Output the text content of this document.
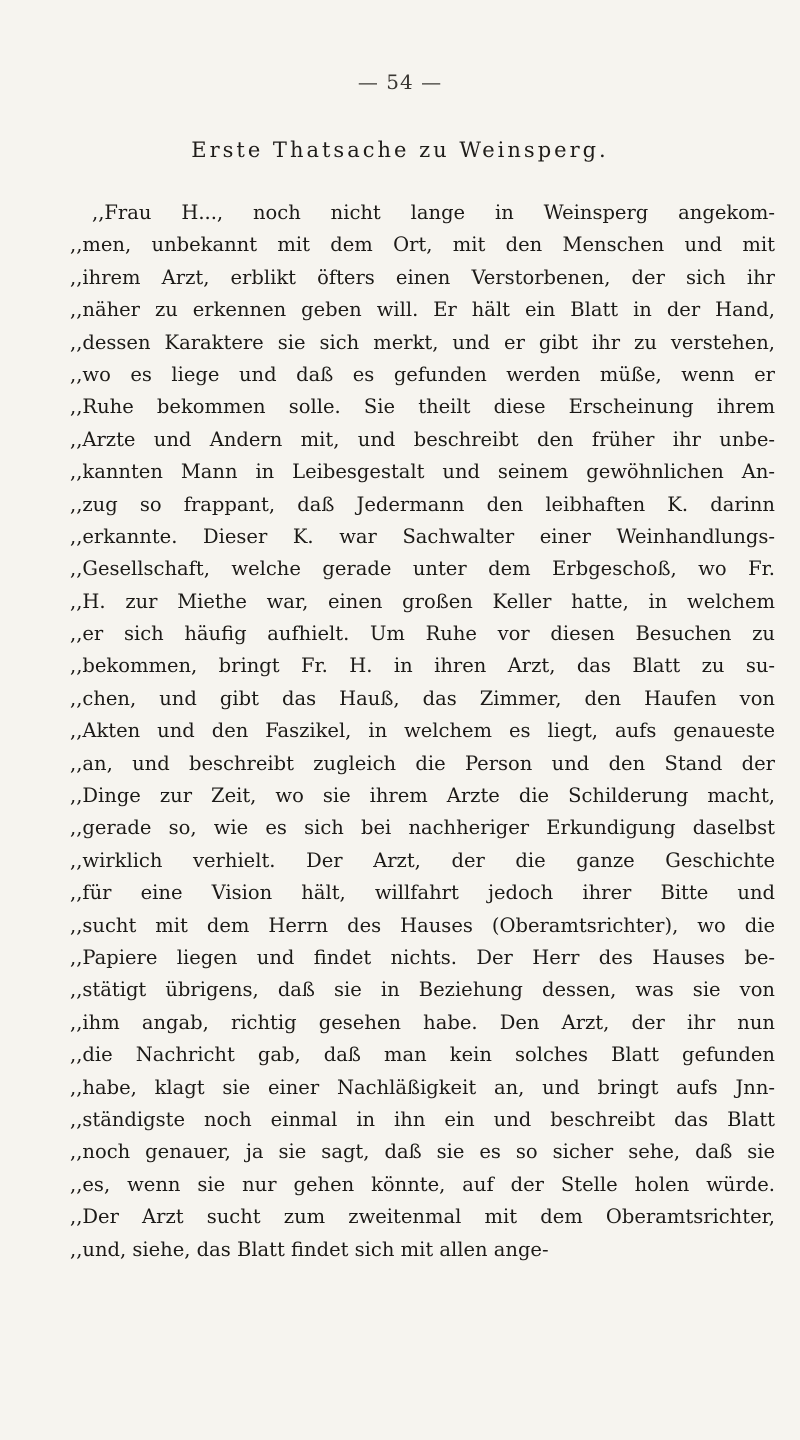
— 54 —
Erste Thatsache zu Weinsperg.
,,Frau H..., noch nicht lange in Weinsperg angekom-
,,men, unbekannt mit dem Ort, mit den Menschen und mit
,,ihrem Arzt, erblikt öfters einen Verstorbenen, der sich ihr
,,näher zu erkennen geben will. Er hält ein Blatt in der Hand,
,,dessen Karaktere sie sich merkt, und er gibt ihr zu verstehen,
,,wo es liege und daß es gefunden werden müße, wenn er
,,Ruhe bekommen solle. Sie theilt diese Erscheinung ihrem
,,Arzte und Andern mit, und beschreibt den früher ihr unbe-
,,kannten Mann in Leibesgestalt und seinem gewöhnlichen An-
,,zug so frappant, daß Jedermann den leibhaften K. darinn
,,erkannte. Dieser K. war Sachwalter einer Weinhandlungs-
,,Gesellschaft, welche gerade unter dem Erbgeschoß, wo Fr.
,,H. zur Miethe war, einen großen Keller hatte, in welchem
,,er sich häufig aufhielt. Um Ruhe vor diesen Besuchen zu
,,bekommen, bringt Fr. H. in ihren Arzt, das Blatt zu su-
,,chen, und gibt das Hauß, das Zimmer, den Haufen von
,,Akten und den Faszikel, in welchem es liegt, aufs genaueste
,,an, und beschreibt zugleich die Person und den Stand der
,,Dinge zur Zeit, wo sie ihrem Arzte die Schilderung macht,
,,gerade so, wie es sich bei nachheriger Erkundigung daselbst
,,wirklich verhielt. Der Arzt, der die ganze Geschichte
,,für eine Vision hält, willfahrt jedoch ihrer Bitte und
,,sucht mit dem Herrn des Hauses (Oberamtsrichter), wo die
,,Papiere liegen und findet nichts. Der Herr des Hauses be-
,,stätigt übrigens, daß sie in Beziehung dessen, was sie von
,,ihm angab, richtig gesehen habe. Den Arzt, der ihr nun
,,die Nachricht gab, daß man kein solches Blatt gefunden
,,habe, klagt sie einer Nachläßigkeit an, und bringt aufs Jnn-
,,ständigste noch einmal in ihn ein und beschreibt das Blatt
,,noch genauer, ja sie sagt, daß sie es so sicher sehe, daß sie
,,es, wenn sie nur gehen könnte, auf der Stelle holen würde.
,,Der Arzt sucht zum zweitenmal mit dem Oberamtsrichter,
,,und, siehe, das Blatt findet sich mit allen ange-
